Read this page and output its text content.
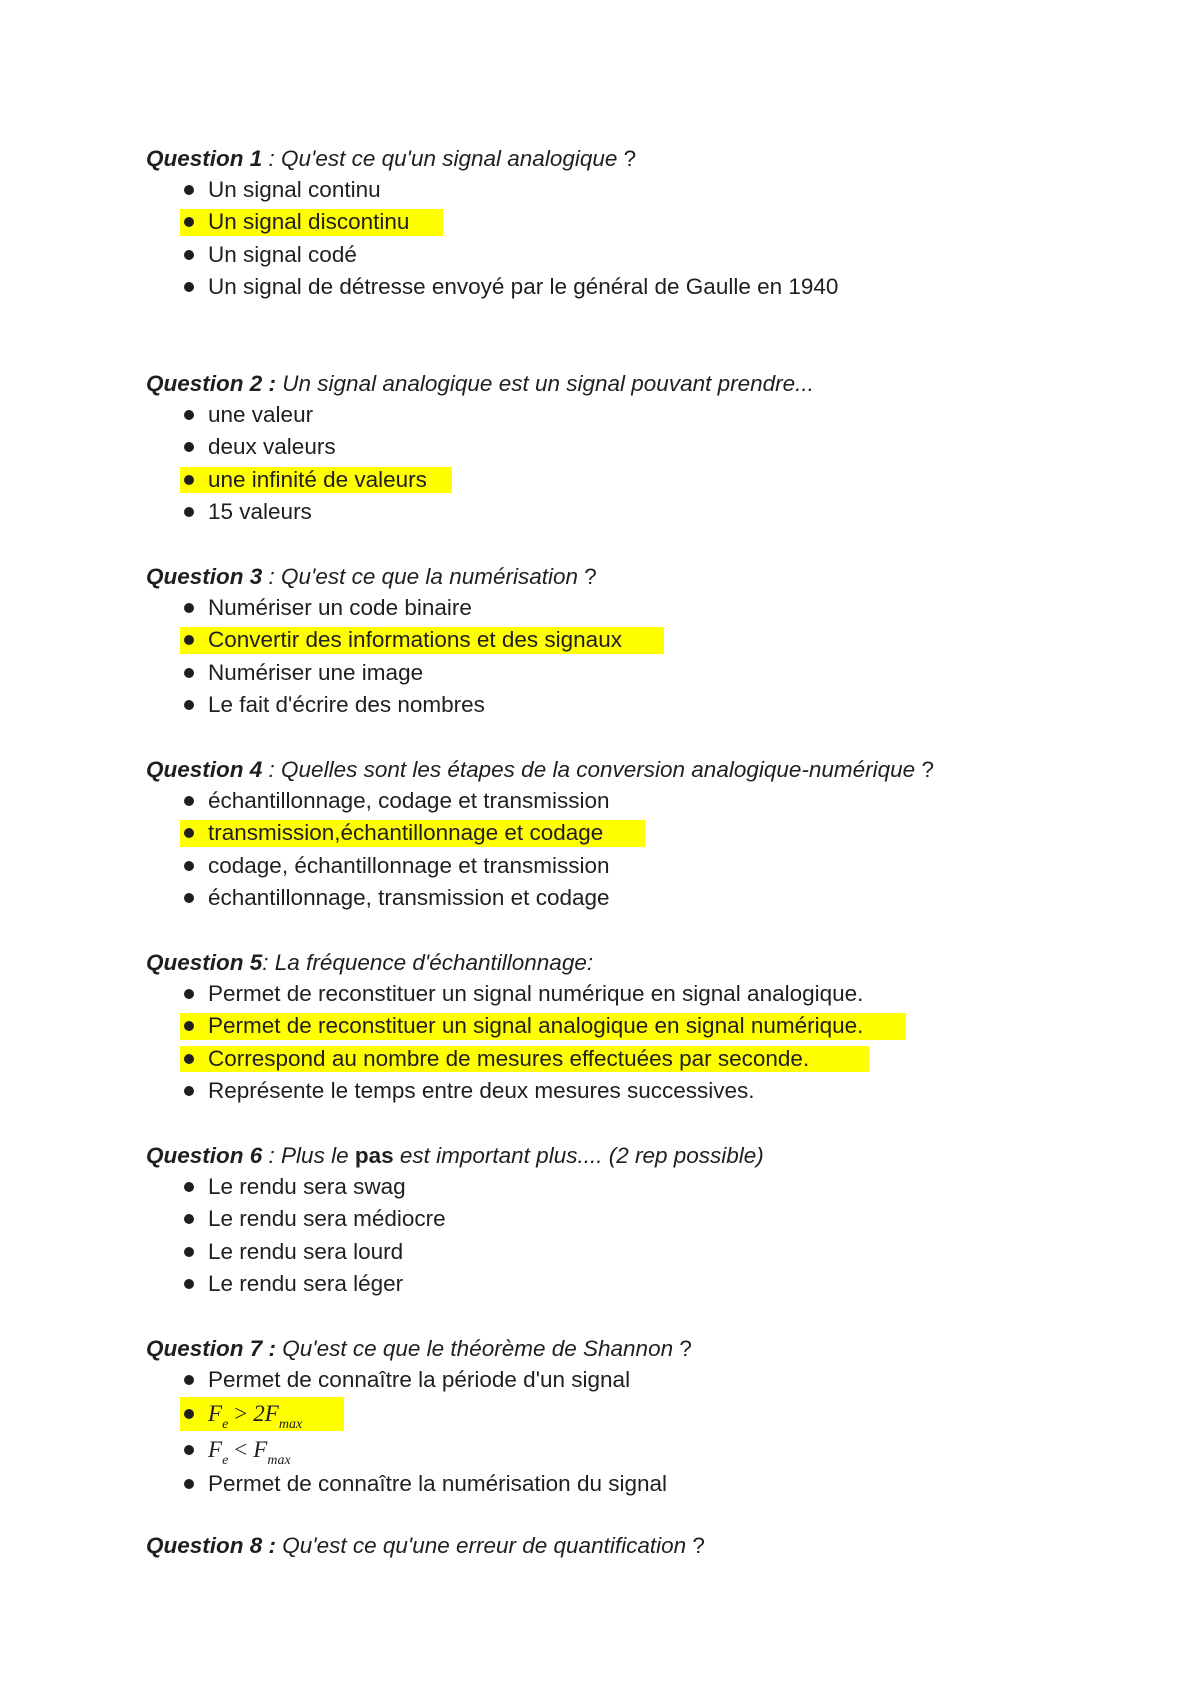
Question 1 : Qu'est ce qu'un signal analogique ?
Un signal continu
Un signal discontinu
Un signal codé
Un signal de détresse envoyé par le général de Gaulle en 1940
Question 2 : Un signal analogique est un signal pouvant prendre...
une valeur
deux valeurs
une infinité de valeurs
15 valeurs
Question 3 : Qu'est ce que la numérisation ?
Numériser un code binaire
Convertir des informations et des signaux
Numériser une image
Le fait d'écrire des nombres
Question 4 : Quelles sont les étapes de la conversion analogique-numérique ?
échantillonnage, codage et transmission
transmission,échantillonnage et codage
codage, échantillonnage et transmission
échantillonnage, transmission et codage
Question 5: La fréquence d'échantillonnage:
Permet de reconstituer un signal numérique en signal analogique.
Permet de reconstituer un signal analogique en signal numérique.
Correspond au nombre de mesures effectuées par seconde.
Représente le temps entre deux mesures successives.
Question 6 : Plus le pas est important plus.... (2 rep possible)
Le rendu sera swag
Le rendu sera médiocre
Le rendu sera lourd
Le rendu sera léger
Question 7 : Qu'est ce que le théorème de Shannon ?
Permet de connaître la période d'un signal
$F_e > 2F_{max}$
$F_e < F_{max}$
Permet de connaître la numérisation du signal
Question 8 : Qu'est ce qu'une erreur de quantification ?
